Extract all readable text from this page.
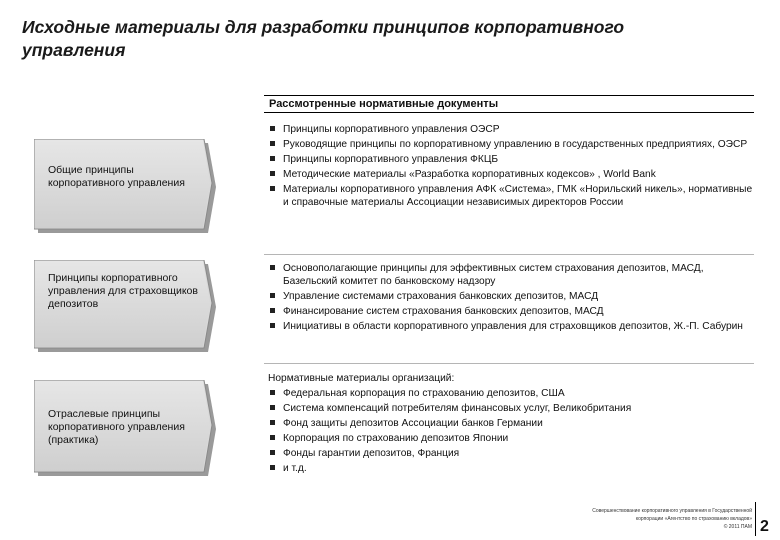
Исходные материалы для разработки принципов корпоративного управления
Рассмотренные нормативные документы
Общие принципы корпоративного управления
Принципы корпоративного управления ОЭСР
Руководящие принципы по корпоративному управлению в государственных предприятиях, ОЭСР
Принципы корпоративного управления ФКЦБ
Методические материалы «Разработка корпоративных кодексов» , World Bank
Материалы корпоративного управления АФК «Система», ГМК «Норильский никель», нормативные и справочные материалы Ассоциации независимых директоров России
Принципы корпоративного управления для страховщиков депозитов
Основополагающие принципы для эффективных систем страхования депозитов, МАСД, Базельский комитет по банковскому надзору
Управление системами страхования банковских депозитов, МАСД
Финансирование систем страхования банковских депозитов, МАСД
Инициативы в области корпоративного управления для страховщиков депозитов, Ж.-П. Сабурин
Отраслевые принципы корпоративного управления (практика)
Нормативные материалы организаций:
Федеральная корпорация по страхованию депозитов, США
Система компенсаций потребителям финансовых услуг, Великобритания
Фонд защиты депозитов Ассоциации банков Германии
Корпорация по страхованию депозитов Японии
Фонды гарантии депозитов, Франция
и т.д.
Совершенствование корпоративного управления в Государственной
корпорации «Агентство по страхованию вкладов»
© 2011 ПАМ 2
